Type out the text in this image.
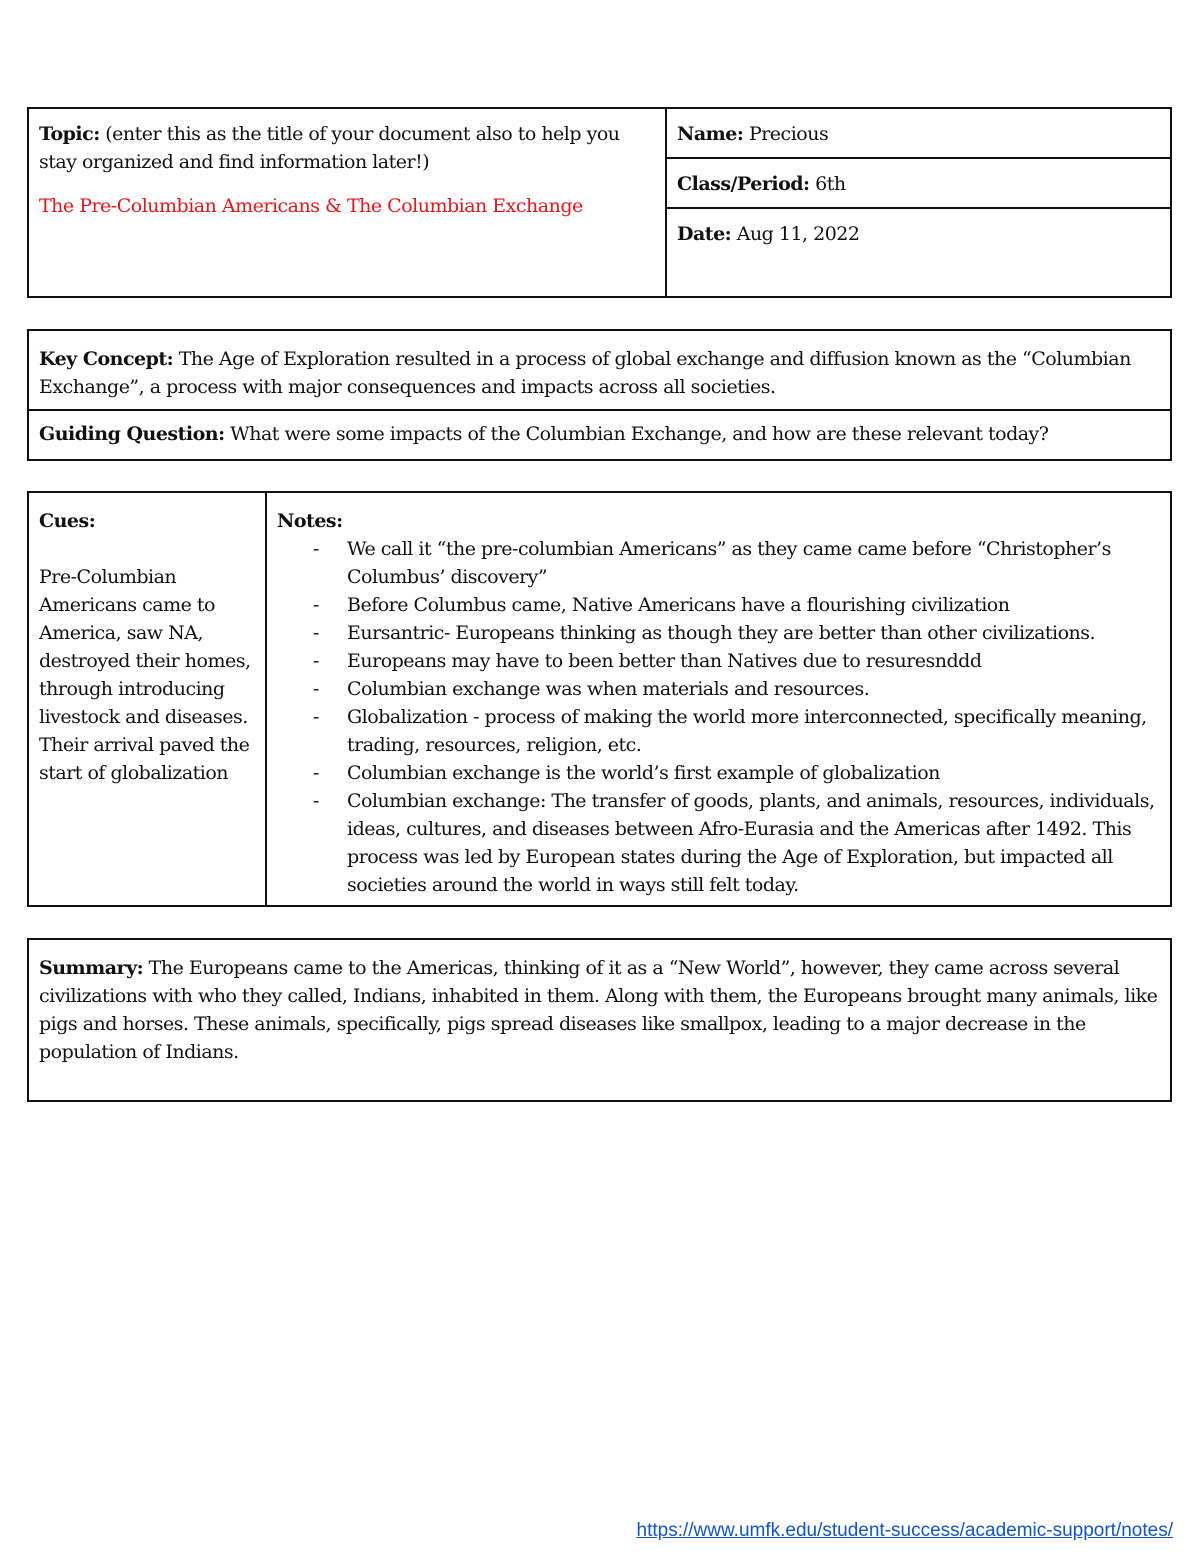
Topic: (enter this as the title of your document also to help you stay organized and find information later!)
The Pre-Columbian Americans & The Columbian Exchange
Name: Precious
Class/Period: 6th
Date: Aug 11, 2022
Key Concept: The Age of Exploration resulted in a process of global exchange and diffusion known as the “Columbian Exchange”, a process with major consequences and impacts across all societies.
Guiding Question: What were some impacts of the Columbian Exchange, and how are these relevant today?
Cues:
Pre-Columbian Americans came to America, saw NA, destroyed their homes, through introducing livestock and diseases. Their arrival paved the start of globalization
Notes:
- We call it “the pre-columbian Americans” as they came came before “Christopher’s Columbus’ discovery”
- Before Columbus came, Native Americans have a flourishing civilization
- Eursantric- Europeans thinking as though they are better than other civilizations.
- Europeans may have to been better than Natives due to resuresnddd
- Columbian exchange was when materials and resources.
- Globalization - process of making the world more interconnected, specifically meaning, trading, resources, religion, etc.
- Columbian exchange is the world’s first example of globalization
- Columbian exchange: The transfer of goods, plants, and animals, resources, individuals, ideas, cultures, and diseases between Afro-Eurasia and the Americas after 1492. This process was led by European states during the Age of Exploration, but impacted all societies around the world in ways still felt today.
Summary: The Europeans came to the Americas, thinking of it as a “New World”, however, they came across several civilizations with who they called, Indians, inhabited in them. Along with them, the Europeans brought many animals, like pigs and horses. These animals, specifically, pigs spread diseases like smallpox, leading to a major decrease in the population of Indians.
https://www.umfk.edu/student-success/academic-support/notes/
